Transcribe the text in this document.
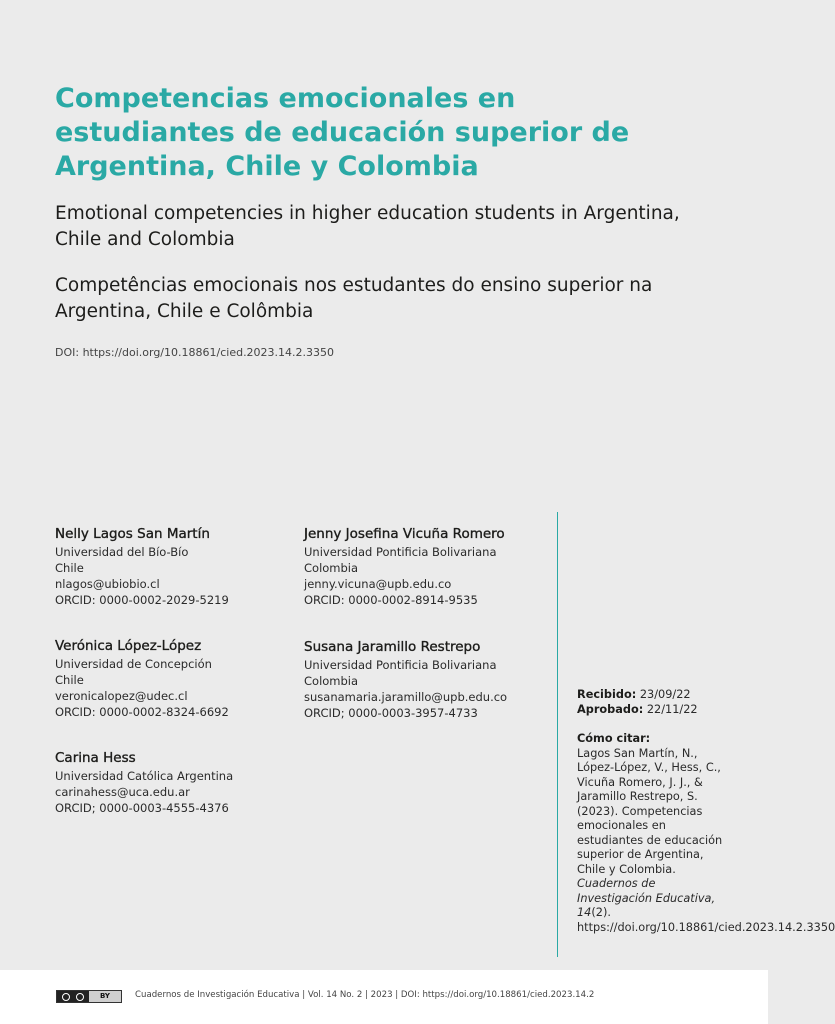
Competencias emocionales en estudiantes de educación superior de Argentina, Chile y Colombia
Emotional competencies in higher education students in Argentina, Chile and Colombia
Competências emocionais nos estudantes do ensino superior na Argentina, Chile e Colômbia
DOI: https://doi.org/10.18861/cied.2023.14.2.3350
Nelly Lagos San Martín
Universidad del Bío-Bío
Chile
nlagos@ubiobio.cl
ORCID: 0000-0002-2029-5219
Verónica López-López
Universidad de Concepción
Chile
veronicalopez@udec.cl
ORCID: 0000-0002-8324-6692
Carina Hess
Universidad Católica Argentina
carinahess@uca.edu.ar
ORCID; 0000-0003-4555-4376
Jenny Josefina Vicuña Romero
Universidad Pontificia Bolivariana
Colombia
jenny.vicuna@upb.edu.co
ORCID: 0000-0002-8914-9535
Susana Jaramillo Restrepo
Universidad Pontificia Bolivariana
Colombia
susanamaria.jaramillo@upb.edu.co
ORCID; 0000-0003-3957-4733
Recibido: 23/09/22
Aprobado: 22/11/22
Cómo citar:
Lagos San Martín, N., López-López, V., Hess, C., Vicuña Romero, J. J., & Jaramillo Restrepo, S. (2023). Competencias emocionales en estudiantes de educación superior de Argentina, Chile y Colombia. Cuadernos de Investigación Educativa, 14(2). https://doi.org/10.18861/cied.2023.14.2.3350
BY	Cuadernos de Investigación Educativa | Vol. 14 No. 2 | 2023 | DOI: https://doi.org/10.18861/cied.2023.14.2
